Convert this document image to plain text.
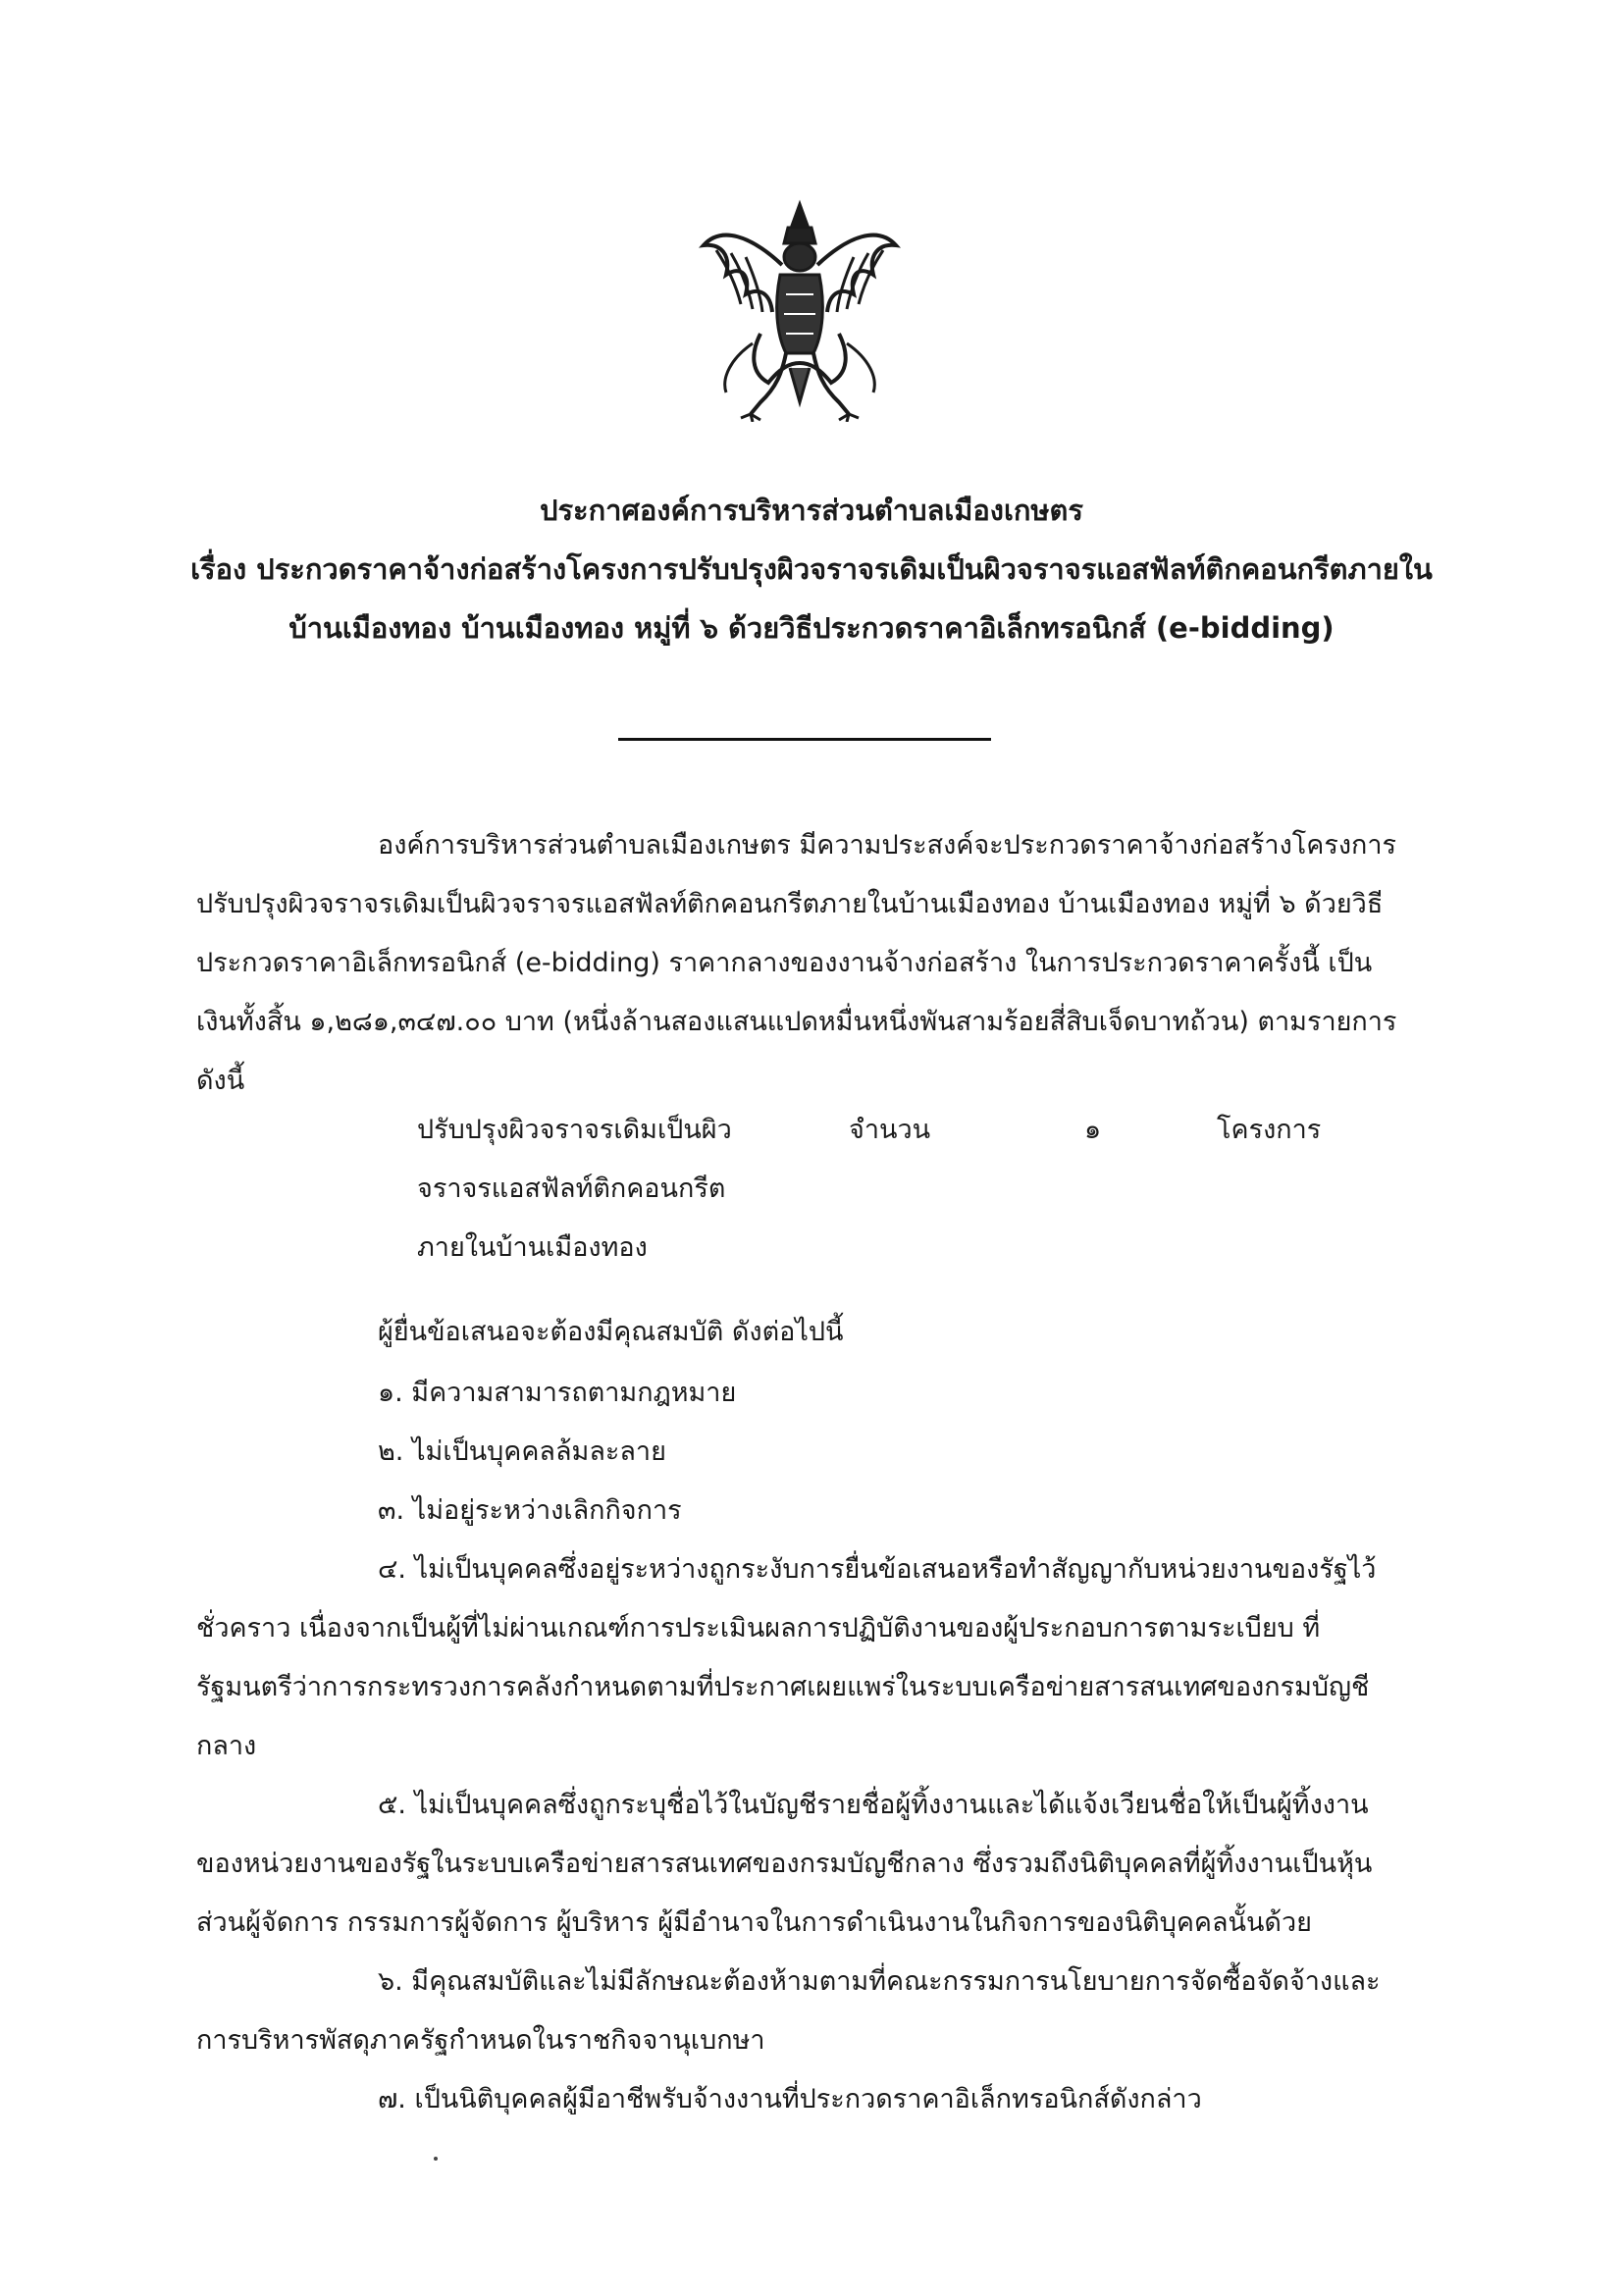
ประกาศองค์การบริหารส่วนตำบลเมืองเกษตร
เรื่อง ประกวดราคาจ้างก่อสร้างโครงการปรับปรุงผิวจราจรเดิมเป็นผิวจราจรแอสฟัลท์ติกคอนกรีตภายใน
บ้านเมืองทอง บ้านเมืองทอง หมู่ที่ ๖ ด้วยวิธีประกวดราคาอิเล็กทรอนิกส์ (e-bidding)
องค์การบริหารส่วนตำบลเมืองเกษตร มีความประสงค์จะประกวดราคาจ้างก่อสร้างโครงการปรับปรุงผิวจราจรเดิมเป็นผิวจราจรแอสฟัลท์ติกคอนกรีตภายในบ้านเมืองทอง บ้านเมืองทอง หมู่ที่ ๖ ด้วยวิธีประกวดราคาอิเล็กทรอนิกส์ (e-bidding) ราคากลางของงานจ้างก่อสร้าง ในการประกวดราคาครั้งนี้ เป็นเงินทั้งสิ้น ๑,๒๘๑,๓๔๗.๐๐ บาท (หนึ่งล้านสองแสนแปดหมื่นหนึ่งพันสามร้อยสี่สิบเจ็ดบาทถ้วน) ตามรายการดังนี้
ปรับปรุงผิวจราจรเดิมเป็นผิวจราจรแอสฟัลท์ติกคอนกรีตภายในบ้านเมืองทอง
จำนวน	๑	โครงการ
ผู้ยื่นข้อเสนอจะต้องมีคุณสมบัติ ดังต่อไปนี้
๑. มีความสามารถตามกฎหมาย
๒. ไม่เป็นบุคคลล้มละลาย
๓. ไม่อยู่ระหว่างเลิกกิจการ
๔. ไม่เป็นบุคคลซึ่งอยู่ระหว่างถูกระงับการยื่นข้อเสนอหรือทำสัญญากับหน่วยงานของรัฐไว้ชั่วคราว เนื่องจากเป็นผู้ที่ไม่ผ่านเกณฑ์การประเมินผลการปฏิบัติงานของผู้ประกอบการตามระเบียบ ที่รัฐมนตรีว่าการกระทรวงการคลังกำหนดตามที่ประกาศเผยแพร่ในระบบเครือข่ายสารสนเทศของกรมบัญชีกลาง
๕. ไม่เป็นบุคคลซึ่งถูกระบุชื่อไว้ในบัญชีรายชื่อผู้ทิ้งงานและได้แจ้งเวียนชื่อให้เป็นผู้ทิ้งงานของหน่วยงานของรัฐในระบบเครือข่ายสารสนเทศของกรมบัญชีกลาง ซึ่งรวมถึงนิติบุคคลที่ผู้ทิ้งงานเป็นหุ้นส่วนผู้จัดการ กรรมการผู้จัดการ ผู้บริหาร ผู้มีอำนาจในการดำเนินงานในกิจการของนิติบุคคลนั้นด้วย
๖. มีคุณสมบัติและไม่มีลักษณะต้องห้ามตามที่คณะกรรมการนโยบายการจัดซื้อจัดจ้างและการบริหารพัสดุภาครัฐกำหนดในราชกิจจานุเบกษา
๗. เป็นนิติบุคคลผู้มีอาชีพรับจ้างงานที่ประกวดราคาอิเล็กทรอนิกส์ดังกล่าว
